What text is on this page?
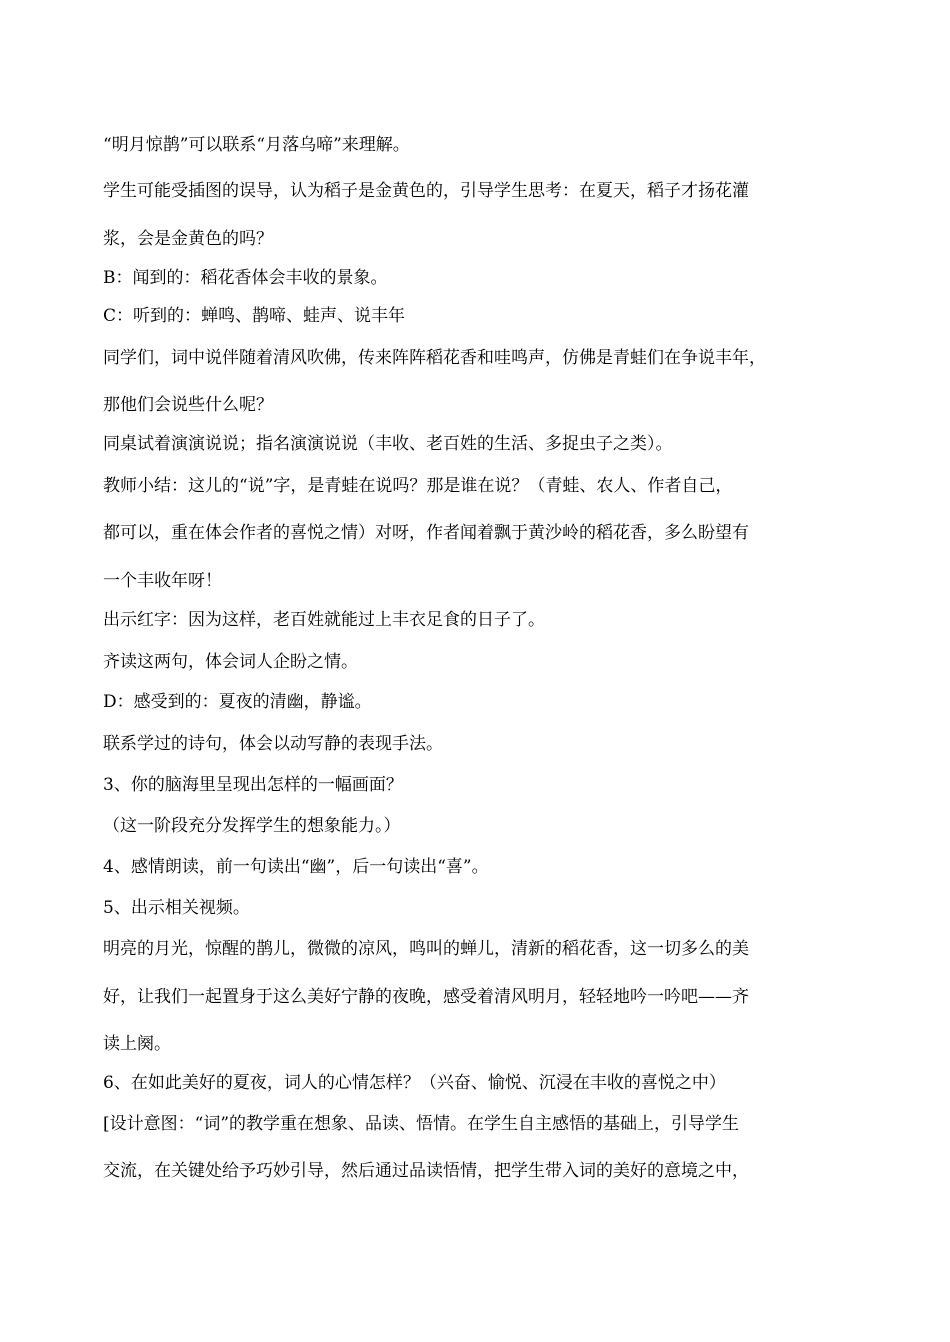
“明月惊鹊”可以联系“月落乌啼”来理解。
学生可能受插图的误导，认为稻子是金黄色的，引导学生思考：在夏天，稻子才扬花灌
浆，会是金黄色的吗？
B：闻到的：稻花香体会丰收的景象。
C：听到的：蝉鸣、鹊啼、蛙声、说丰年
同学们，词中说伴随着清风吹佛，传来阵阵稻花香和哇鸣声，仿佛是青蛙们在争说丰年，
那他们会说些什么呢？
同桌试着演演说说；指名演演说说（丰收、老百姓的生活、多捉虫子之类）。
教师小结：这儿的“说”字，是青蛙在说吗？那是谁在说？（青蛙、农人、作者自己，
都可以，重在体会作者的喜悦之情）对呀，作者闻着飘于黄沙岭的稻花香，多么盼望有
一个丰收年呀！
出示红字：因为这样，老百姓就能过上丰衣足食的日子了。
齐读这两句，体会词人企盼之情。
D：感受到的：夏夜的清幽，静谧。
联系学过的诗句，体会以动写静的表现手法。
3、你的脑海里呈现出怎样的一幅画面？
（这一阶段充分发挥学生的想象能力。）
4、感情朗读，前一句读出“幽”，后一句读出“喜”。
5、出示相关视频。
明亮的月光，惊醒的鹊儿，微微的凉风，鸣叫的蝉儿，清新的稻花香，这一切多么的美
好，让我们一起置身于这么美好宁静的夜晚，感受着清风明月，轻轻地吟一吟吧——齐
读上阕。
6、在如此美好的夏夜，词人的心情怎样？（兴奋、愉悦、沉浸在丰收的喜悦之中）
[设计意图：“词”的教学重在想象、品读、悟情。在学生自主感悟的基础上，引导学生
交流，在关键处给予巧妙引导，然后通过品读悟情，把学生带入词的美好的意境之中，
